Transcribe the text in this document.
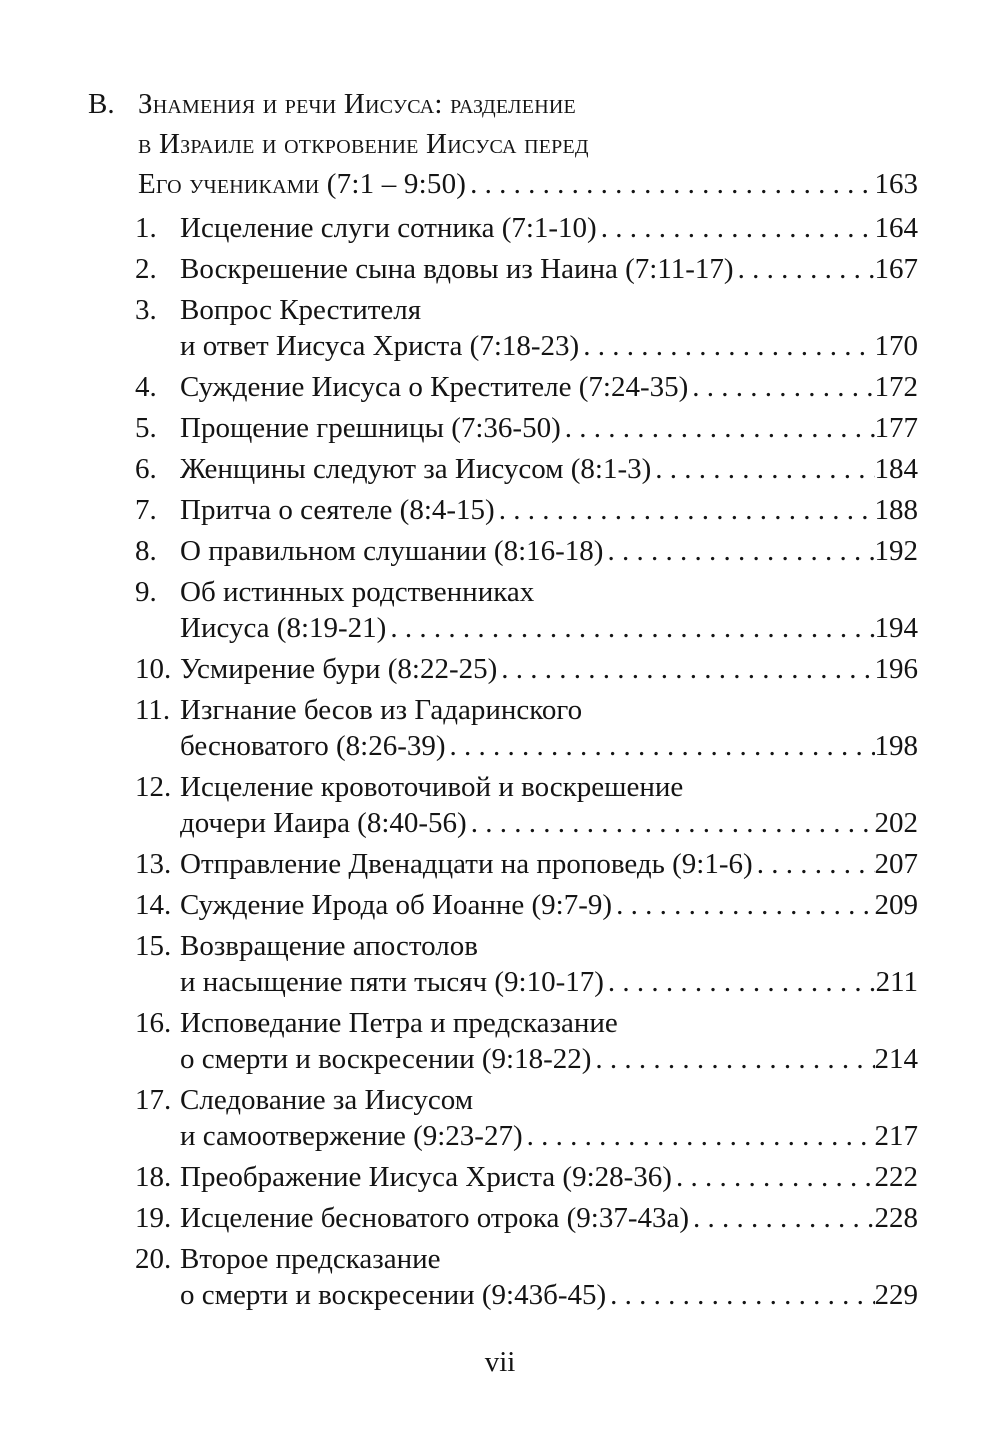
В. Знамения и речи Иисуса: разделение
в Израиле и откровение Иисуса перед
Его учениками (7:1 – 9:50) . . .	163
1. Исцеление слуги сотника (7:1-10) . . .	164
2. Воскрешение сына вдовы из Наина (7:11-17) . . .	167
3. Вопрос Крестителя
и ответ Иисуса Христа (7:18-23) . . .	170
4. Суждение Иисуса о Крестителе (7:24-35) . . .	172
5. Прощение грешницы (7:36-50) . . .	177
6. Женщины следуют за Иисусом (8:1-3) . . .	184
7. Притча о сеятеле (8:4-15) . . .	188
8. О правильном слушании (8:16-18) . . .	192
9. Об истинных родственниках
Иисуса (8:19-21) . . .	194
10. Усмирение бури (8:22-25) . . .	196
11. Изгнание бесов из Гадаринского
бесноватого (8:26-39) . . .	198
12. Исцеление кровоточивой и воскрешение
дочери Иаира (8:40-56) . . .	202
13. Отправление Двенадцати на проповедь (9:1-6) . . .	207
14. Суждение Ирода об Иоанне (9:7-9) . . .	209
15. Возвращение апостолов
и насыщение пяти тысяч (9:10-17) . . .	211
16. Исповедание Петра и предсказание
о смерти и воскресении (9:18-22) . . .	214
17. Следование за Иисусом
и самоотвержение (9:23-27) . . .	217
18. Преображение Иисуса Христа (9:28-36) . . .	222
19. Исцеление бесноватого отрока (9:37-43а) . . .	228
20. Второе предсказание
о смерти и воскресении (9:43б-45) . . .	229
vii
